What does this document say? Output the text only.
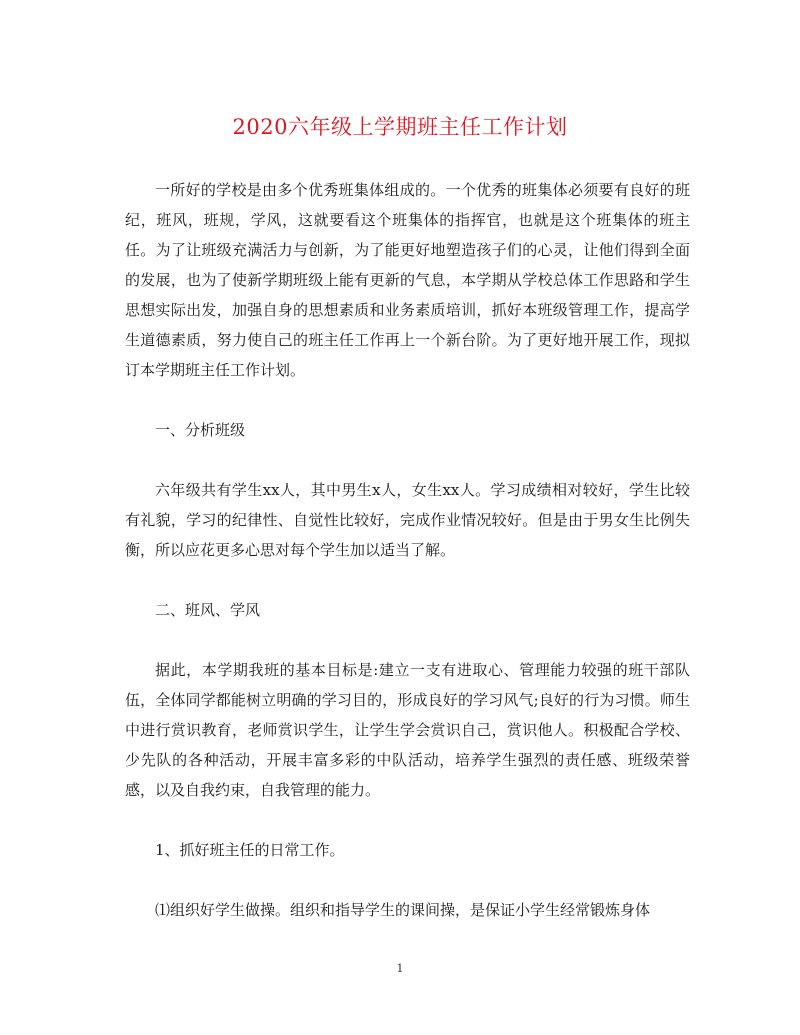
2020六年级上学期班主任工作计划

一所好的学校是由多个优秀班集体组成的。一个优秀的班集体必须要有良好的班纪，班风，班规，学风，这就要看这个班集体的指挥官，也就是这个班集体的班主任。为了让班级充满活力与创新，为了能更好地塑造孩子们的心灵，让他们得到全面的发展，也为了使新学期班级上能有更新的气息，本学期从学校总体工作思路和学生思想实际出发，加强自身的思想素质和业务素质培训，抓好本班级管理工作，提高学生道德素质，努力使自己的班主任工作再上一个新台阶。为了更好地开展工作，现拟订本学期班主任工作计划。

一、分析班级

六年级共有学生xx人，其中男生x人，女生xx人。学习成绩相对较好，学生比较有礼貌，学习的纪律性、自觉性比较好，完成作业情况较好。但是由于男女生比例失衡，所以应花更多心思对每个学生加以适当了解。

二、班风、学风

据此，本学期我班的基本目标是:建立一支有进取心、管理能力较强的班干部队伍，全体同学都能树立明确的学习目的，形成良好的学习风气;良好的行为习惯。师生中进行赏识教育，老师赏识学生，让学生学会赏识自己，赏识他人。积极配合学校、少先队的各种活动，开展丰富多彩的中队活动，培养学生强烈的责任感、班级荣誉感，以及自我约束，自我管理的能力。

1、抓好班主任的日常工作。

⑴组织好学生做操。组织和指导学生的课间操，是保证小学生经常锻炼身体

1
